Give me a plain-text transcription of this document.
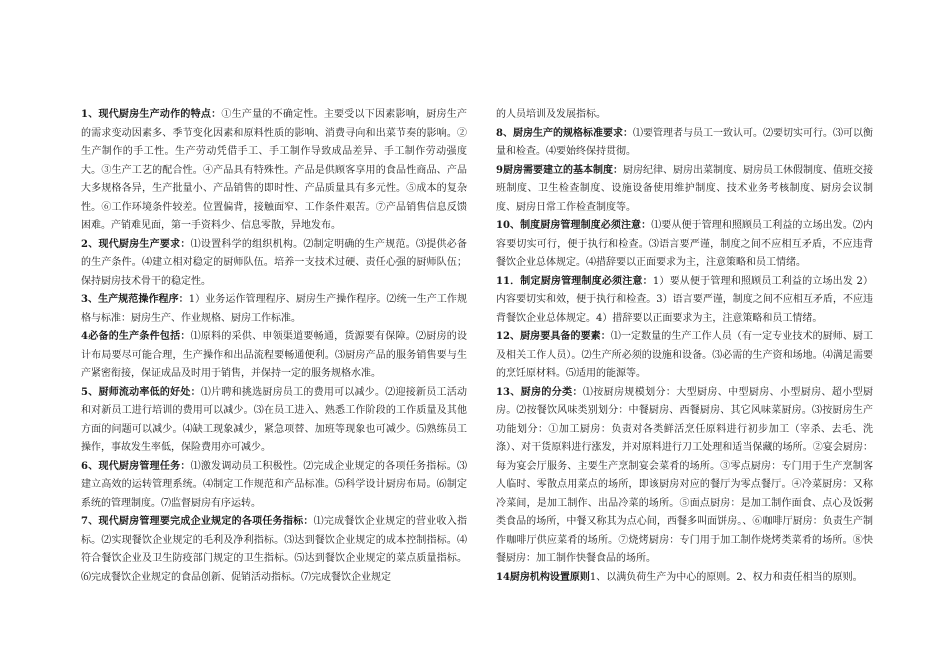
1、现代厨房生产动作的特点：①生产量的不确定性。主要受以下因素影响，厨房生产的需求变动因素多、季节变化因素和原料性质的影响、消费寻向和出菜节奏的影响。②生产制作的手工性。生产劳动凭借手工、手工制作导致成品差异、手工制作劳动强度大。③生产工艺的配合性。④产品具有特殊性。产品是供顾客享用的食品性商品、产品大多规格各异，生产批量小、产品销售的即时性、产品质量具有多元性。⑤成本的复杂性。⑥工作环境条件较差。位置偏背，接触面窄、工作条件艰苦。⑦产品销售信息反馈困难。产销难见面，第一手资料少、信息零散，异地发布。

2、现代厨房生产要求：⑴设置科学的组织机构。⑵制定明确的生产规范。⑶提供必备的生产条件。⑷建立相对稳定的厨师队伍。培养一支技术过硬、责任心强的厨师队伍；保持厨房技术骨干的稳定性。

3、生产规范操作程序：1）业务运作管理程序、厨房生产操作程序。⑵统一生产工作规格与标准：厨房生产、作业规格、厨房工作标准。

4必备的生产条件包括：⑴原料的采供、申领渠道要畅通，货源要有保障。⑵厨房的设计布局要尽可能合理，生产操作和出品流程要畅通便利。⑶厨房产品的服务销售要与生产紧密衔接，保证成品及时用于销售，并保持一定的服务规格水准。

5、厨师流动率低的好处：⑴片聘和挑选厨房员工的费用可以减少。⑵迎接新员工活动和对新员工进行培训的费用可以减少。⑶在员工进入、熟悉工作阶段的工作质量及其他方面的问题可以减少。⑷缺工现象减少，紧急项替、加班等现象也可减少。⑸熟练员工操作，事故发生率低，保险费用亦可减少。

6、现代厨房管理任务：⑴激发调动员工积极性。⑵完成企业规定的各项任务指标。⑶建立高效的运转管理系统。⑷制定工作规范和产品标准。⑸科学设计厨房布局。⑹制定系统的管理制度。⑺监督厨房有序运转。

7、现代厨房管理要完成企业规定的各项任务指标：⑴完成餐饮企业规定的营业收入指标。⑵实现餐饮企业规定的毛利及净利指标。⑶达到餐饮企业规定的成本控制指标。⑷符合餐饮企业及卫生防疫部门规定的卫生指标。⑸达到餐饮企业规定的菜点质量指标。⑹完成餐饮企业规定的食品创新、促销活动指标。⑺完成餐饮企业规定

的人员培训及发展指标。

8、厨房生产的规格标准要求：⑴要管理者与员工一致认可。⑵要切实可行。⑶可以衡量和检查。⑷要始终保持贯彻。

9厨房需要建立的基本制度：厨房纪律、厨房出菜制度、厨房员工休假制度、值班交接班制度、卫生检查制度、设施设备使用维护制度、技术业务考核制度、厨房会议制度、厨房日常工作检查制度等。

10、制度厨房管理制度必须注意：⑴要从便于管理和照顾员工利益的立场出发。⑵内容要切实可行，便于执行和检查。⑶语言要严谨，制度之间不应相互矛盾，不应违背餐饮企业总体规定。⑷措辞要以正面要求为主，注意策略和员工情绪。

11．制定厨房管理制度必须注意：1）要从便于管理和照顾员工利益的立场出发 2）内容要切实和效，便于执行和检查。3）语言要严谨，制度之间不应相互矛盾，不应违背餐饮企业总体规定。4）措辞要以正面要求为主，注意策略和员工情绪。

12、厨房要具备的要素：⑴一定数量的生产工作人员（有一定专业技术的厨师、厨工及相关工作人员）。⑵生产所必须的设施和设备。⑶必需的生产资和场地。⑷满足需要的烹饪原材料。⑸适用的能源等。

13、厨房的分类：⑴按厨房规模划分：大型厨房、中型厨房、小型厨房、超小型厨房。⑵按餐饮风味类别划分：中餐厨房、西餐厨房、其它风味菜厨房。⑶按厨房生产功能划分：①加工厨房：负责对各类鲜活烹任原料进行初步加工（宰杀、去毛、洗涤）、对干货原料进行涨发，并对原料进行刀工处理和适当保藏的场所。②宴会厨房：每为宴会厅服务、主要生产烹制宴会菜肴的场所。③零点厨房：专门用于生产烹制客人临时、零散点用菜点的场所，即该厨房对应的餐厅为零点餐厅。④冷菜厨房：又称冷菜间，是加工制作、出品冷菜的场所。⑤面点厨房：是加工制作面食、点心及饭粥类食品的场所，中餐又称其为点心间，西餐多叫面饼房。、⑥咖啡厅厨房：负责生产制作咖啡厅供应菜肴的场所。⑦烧烤厨房：专门用于加工制作烧烤类菜肴的场所。⑧快餐厨房：加工制作快餐食品的场所。

14厨房机构设置原则1、以满负荷生产为中心的原则。2、权力和责任相当的原则。
